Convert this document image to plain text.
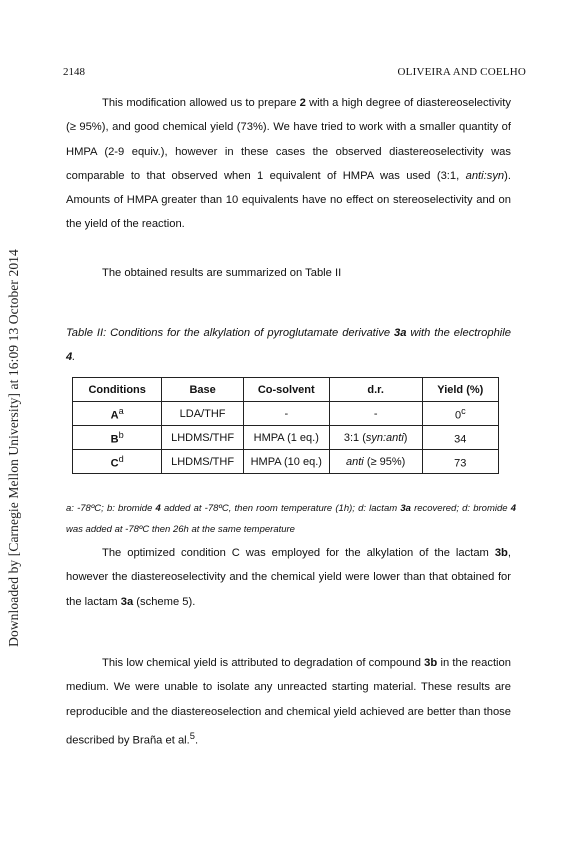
Downloaded by [Carnegie Mellon University] at 16:09 13 October 2014
2148	OLIVEIRA AND COELHO
This modification allowed us to prepare 2 with a high degree of diastereoselectivity (≥ 95%), and good chemical yield (73%). We have tried to work with a smaller quantity of HMPA (2-9 equiv.), however in these cases the observed diastereoselectivity was comparable to that observed when 1 equivalent of HMPA was used (3:1, anti:syn). Amounts of HMPA greater than 10 equivalents have no effect on stereoselectivity and on the yield of the reaction.
The obtained results are summarized on Table II
Table II: Conditions for the alkylation of pyroglutamate derivative 3a with the electrophile 4.
Conditions	Base	Co-solvent	d.r.	Yield (%)
$A^a$	LDA/THF	-	-	0$^c$
$B^b$	LHDMS/THF	HMPA (1 eq.)	3:1 (syn:anti)	34
$C^d$	LHDMS/THF	HMPA (10 eq.)	anti (≥ 95%)	73
a: -78ºC; b: bromide 4 added at -78ºC, then room temperature (1h); d: lactam 3a recovered; d: bromide 4 was added at -78ºC then 26h at the same temperature
The optimized condition C was employed for the alkylation of the lactam 3b, however the diastereoselectivity and the chemical yield were lower than that obtained for the lactam 3a (scheme 5).
This low chemical yield is attributed to degradation of compound 3b in the reaction medium. We were unable to isolate any unreacted starting material. These results are reproducible and the diastereoselection and chemical yield achieved are better than those described by Braña et al.$^5$.
